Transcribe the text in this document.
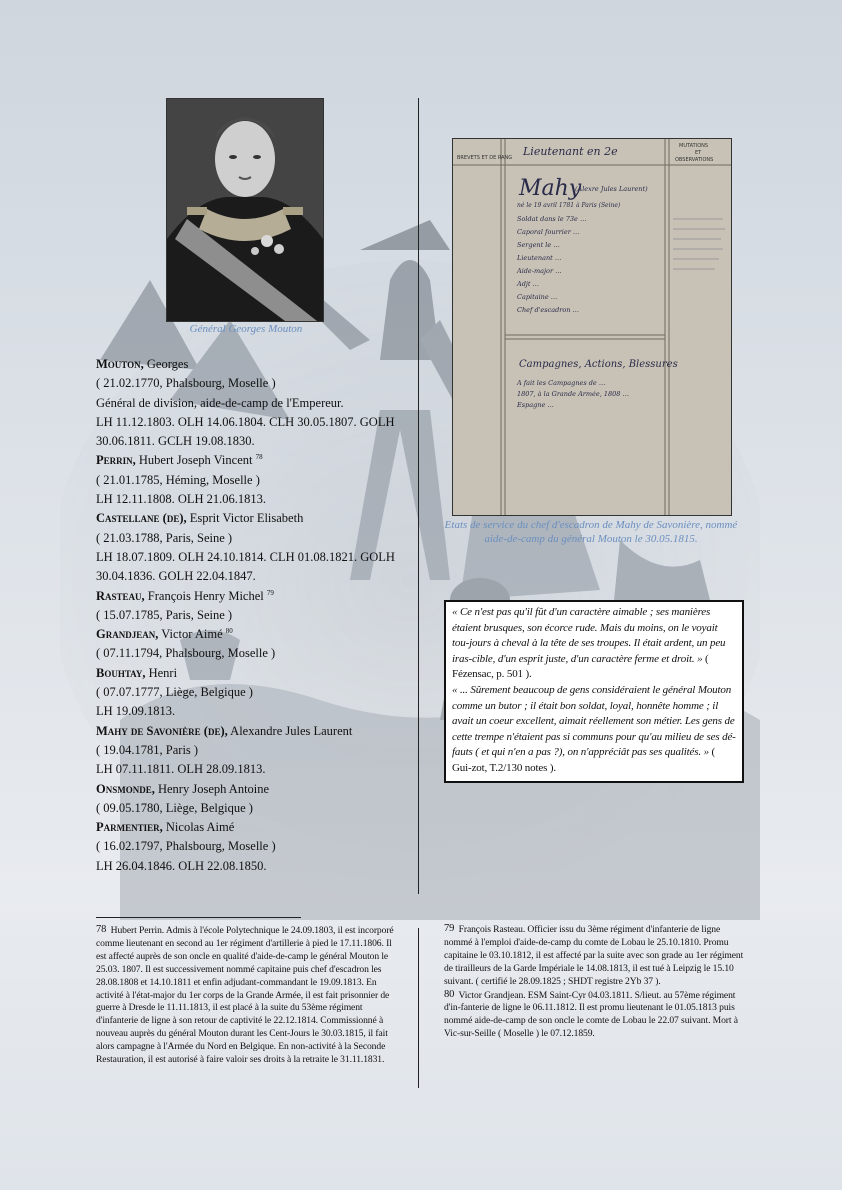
Général Georges Mouton
Mouton, Georges
( 21.02.1770, Phalsbourg, Moselle )
Général de division, aide-de-camp de l'Empereur.
LH 11.12.1803. OLH 14.06.1804. CLH 30.05.1807. GOLH
30.06.1811. GCLH 19.08.1830.
Perrin, Hubert Joseph Vincent $^{78}$
( 21.01.1785, Héming, Moselle )
LH 12.11.1808. OLH 21.06.1813.
Castellane (de), Esprit Victor Elisabeth
( 21.03.1788, Paris, Seine )
LH 18.07.1809. OLH 24.10.1814. CLH 01.08.1821. GOLH
30.04.1836. GOLH 22.04.1847.
Rasteau, François Henry Michel $^{79}$
( 15.07.1785, Paris, Seine )
Grandjean, Victor Aimé $^{80}$
( 07.11.1794, Phalsbourg, Moselle )
Bouhtay, Henri
( 07.07.1777, Liège, Belgique )
LH 19.09.1813.
Mahy de Savonière (de), Alexandre Jules Laurent
( 19.04.1781, Paris )
LH 07.11.1811. OLH 28.09.1813.
Onsmonde, Henry Joseph Antoine
( 09.05.1780, Liège, Belgique )
Parmentier, Nicolas Aimé
( 16.02.1797, Phalsbourg, Moselle )
LH 26.04.1846. OLH 22.08.1850.
BREVETS ET DE RANG Lieutenant en 2e	MUTATIONS
ET
OBSERVATIONS
Mahy
(Alexre Jules Laurent)
né le 19 avril 1781 à Paris (Seine)
Soldat dans le 73e …
Caporal fourrier …
Sergent le …
Lieutenant …
Aide-major …
Adjt …
Capitaine …
Chef d'escadron …
Campagnes, Actions, Blessures
A fait les Campagnes de …
1807, à la Grande Armée, 1808 …
Espagne …
Etats de service du chef d'escadron de Mahy de Savonière, nommé aide-de-camp du général Mouton le 30.05.1815.
« Ce n'est pas qu'il fût d'un caractère aimable ; ses manières étaient brusques, son écorce rude. Mais du moins, on le voyait tou-jours à cheval à la tête de ses troupes. Il était ardent, un peu iras-cible, d'un esprit juste, d'un caractère ferme et droit. » ( Fézensac, p. 501 ).
« ... Sûrement beaucoup de gens considéraient le général Mouton comme un butor ; il était bon soldat, loyal, honnête homme ; il avait un coeur excellent, aimait réellement son métier. Les gens de cette trempe n'étaient pas si communs pour qu'au milieu de ses dé-fauts ( et qui n'en a pas ?), on n'appréciât pas ses qualités. » ( Gui-zot, T.2/130 notes ).
78 Hubert Perrin. Admis à l'école Polytechnique le 24.09.1803, il est incorporé comme lieutenant en second au 1er régiment d'artillerie à pied le 17.11.1806. Il est affecté auprès de son oncle en qualité d'aide-de-camp le général Mouton le 25.03. 1807. Il est successivement nommé capitaine puis chef d'escadron les 28.08.1808 et 14.10.1811 et enfin adjudant-commandant le 19.09.1813. En activité à l'état-major du 1er corps de la Grande Armée, il est fait prisonnier de guerre à Dresde le 11.11.1813, il est placé à la suite du 53ème régiment d'infanterie de ligne à son retour de captivité le 22.12.1814. Commissionné à nouveau auprès du général Mouton durant les Cent-Jours le 30.03.1815, il fait alors campagne à l'Armée du Nord en Belgique. En non-activité à la Seconde Restauration, il est autorisé à faire valoir ses droits à la retraite le 31.11.1831.
79 François Rasteau. Officier issu du 3ème régiment d'infanterie de ligne nommé à l'emploi d'aide-de-camp du comte de Lobau le 25.10.1810. Promu capitaine le 03.10.1812, il est affecté par la suite avec son grade au 1er régiment de tirailleurs de la Garde Impériale le 14.08.1813, il est tué à Leipzig le 15.10 suivant. ( certifié le 28.09.1825 ; SHDT registre 2Yb 37 ).
80 Victor Grandjean. ESM Saint-Cyr 04.03.1811. S/lieut. au 57ème régiment d'in-fanterie de ligne le 06.11.1812. Il est promu lieutenant le 01.05.1813 puis nommé aide-de-camp de son oncle le comte de Lobau le 22.07 suivant. Mort à Vic-sur-Seille ( Moselle ) le 07.12.1859.
